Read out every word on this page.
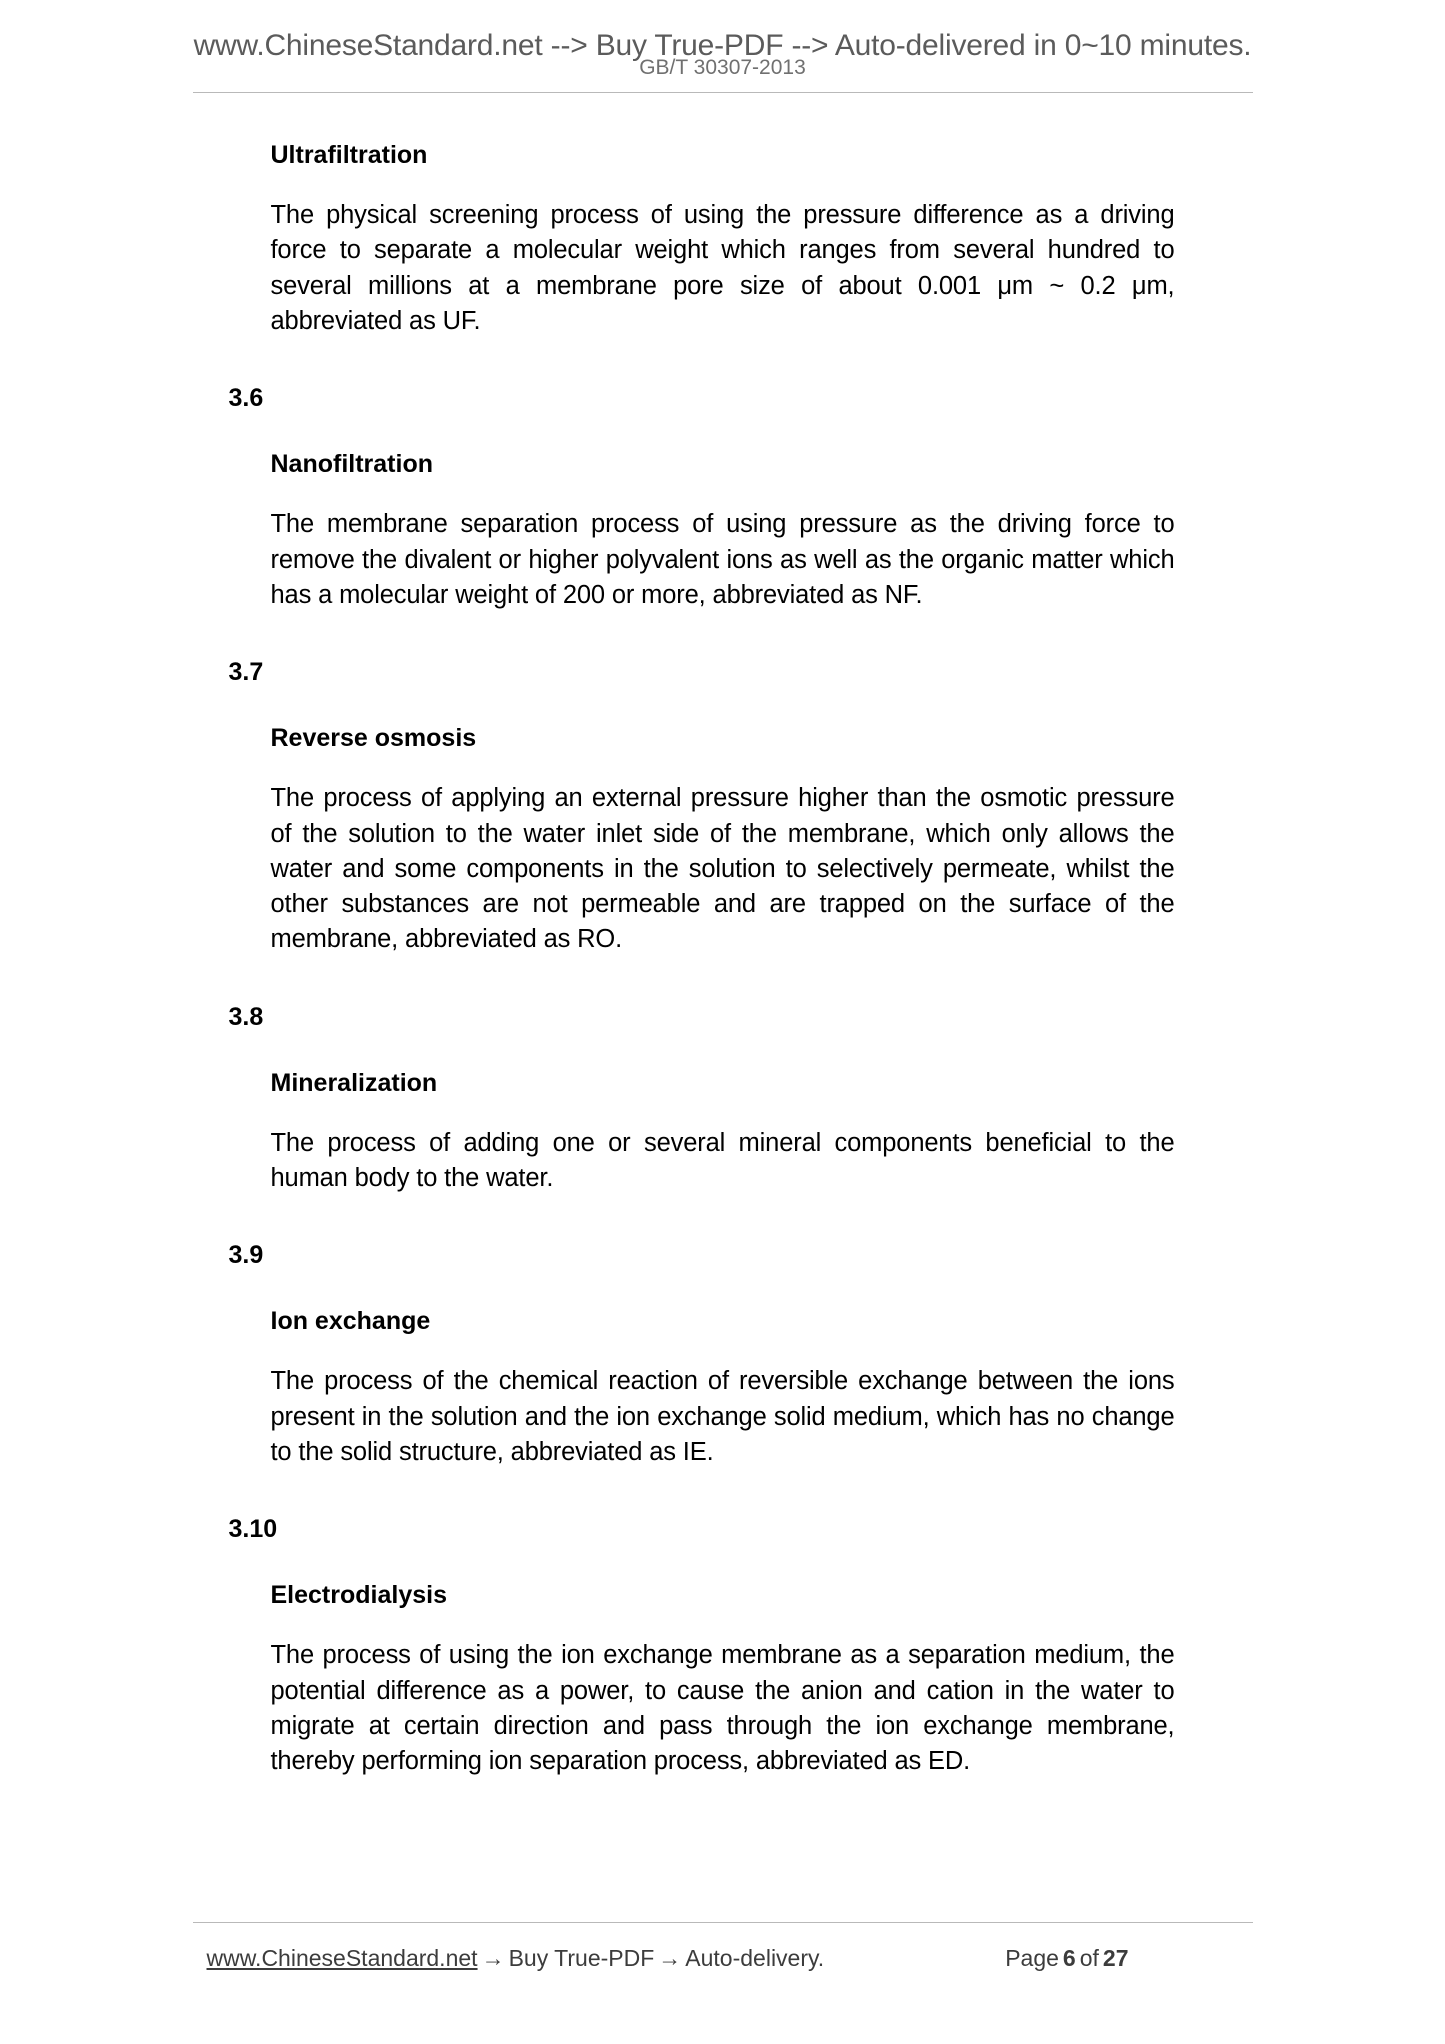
www.ChineseStandard.net --> Buy True-PDF --> Auto-delivered in 0~10 minutes.
GB/T 30307-2013
Ultrafiltration
The physical screening process of using the pressure difference as a driving force to separate a molecular weight which ranges from several hundred to several millions at a membrane pore size of about 0.001 μm ~ 0.2 μm, abbreviated as UF.
3.6
Nanofiltration
The membrane separation process of using pressure as the driving force to remove the divalent or higher polyvalent ions as well as the organic matter which has a molecular weight of 200 or more, abbreviated as NF.
3.7
Reverse osmosis
The process of applying an external pressure higher than the osmotic pressure of the solution to the water inlet side of the membrane, which only allows the water and some components in the solution to selectively permeate, whilst the other substances are not permeable and are trapped on the surface of the membrane, abbreviated as RO.
3.8
Mineralization
The process of adding one or several mineral components beneficial to the human body to the water.
3.9
Ion exchange
The process of the chemical reaction of reversible exchange between the ions present in the solution and the ion exchange solid medium, which has no change to the solid structure, abbreviated as IE.
3.10
Electrodialysis
The process of using the ion exchange membrane as a separation medium, the potential difference as a power, to cause the anion and cation in the water to migrate at certain direction and pass through the ion exchange membrane, thereby performing ion separation process, abbreviated as ED.
www.ChineseStandard.net → Buy True-PDF → Auto-delivery.	Page 6 of 27
